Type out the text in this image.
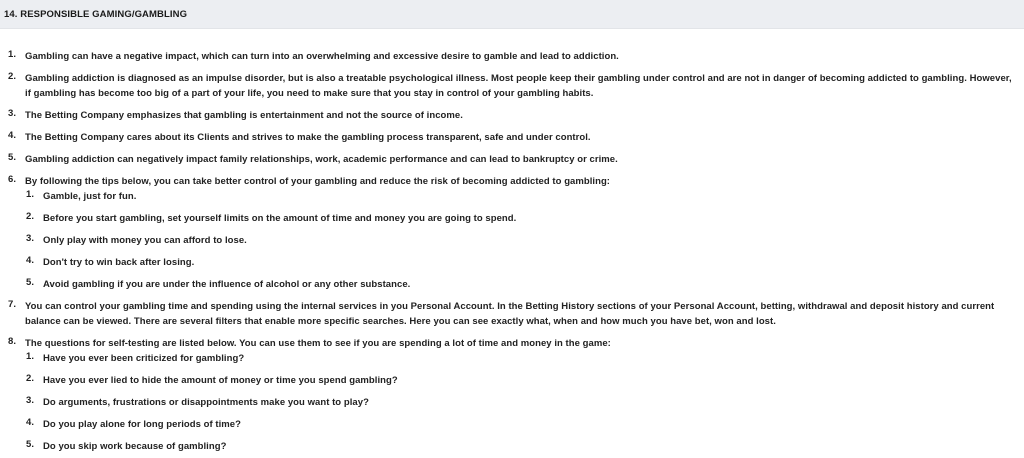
14. RESPONSIBLE GAMING/GAMBLING
1. Gambling can have a negative impact, which can turn into an overwhelming and excessive desire to gamble and lead to addiction.
2. Gambling addiction is diagnosed as an impulse disorder, but is also a treatable psychological illness. Most people keep their gambling under control and are not in danger of becoming addicted to gambling. However, if gambling has become too big of a part of your life, you need to make sure that you stay in control of your gambling habits.
3. The Betting Company emphasizes that gambling is entertainment and not the source of income.
4. The Betting Company cares about its Clients and strives to make the gambling process transparent, safe and under control.
5. Gambling addiction can negatively impact family relationships, work, academic performance and can lead to bankruptcy or crime.
6. By following the tips below, you can take better control of your gambling and reduce the risk of becoming addicted to gambling:
1. Gamble, just for fun.
2. Before you start gambling, set yourself limits on the amount of time and money you are going to spend.
3. Only play with money you can afford to lose.
4. Don't try to win back after losing.
5. Avoid gambling if you are under the influence of alcohol or any other substance.
7. You can control your gambling time and spending using the internal services in you Personal Account. In the Betting History sections of your Personal Account, betting, withdrawal and deposit history and current balance can be viewed. There are several filters that enable more specific searches. Here you can see exactly what, when and how much you have bet, won and lost.
8. The questions for self-testing are listed below. You can use them to see if you are spending a lot of time and money in the game:
1. Have you ever been criticized for gambling?
2. Have you ever lied to hide the amount of money or time you spend gambling?
3. Do arguments, frustrations or disappointments make you want to play?
4. Do you play alone for long periods of time?
5. Do you skip work because of gambling?
